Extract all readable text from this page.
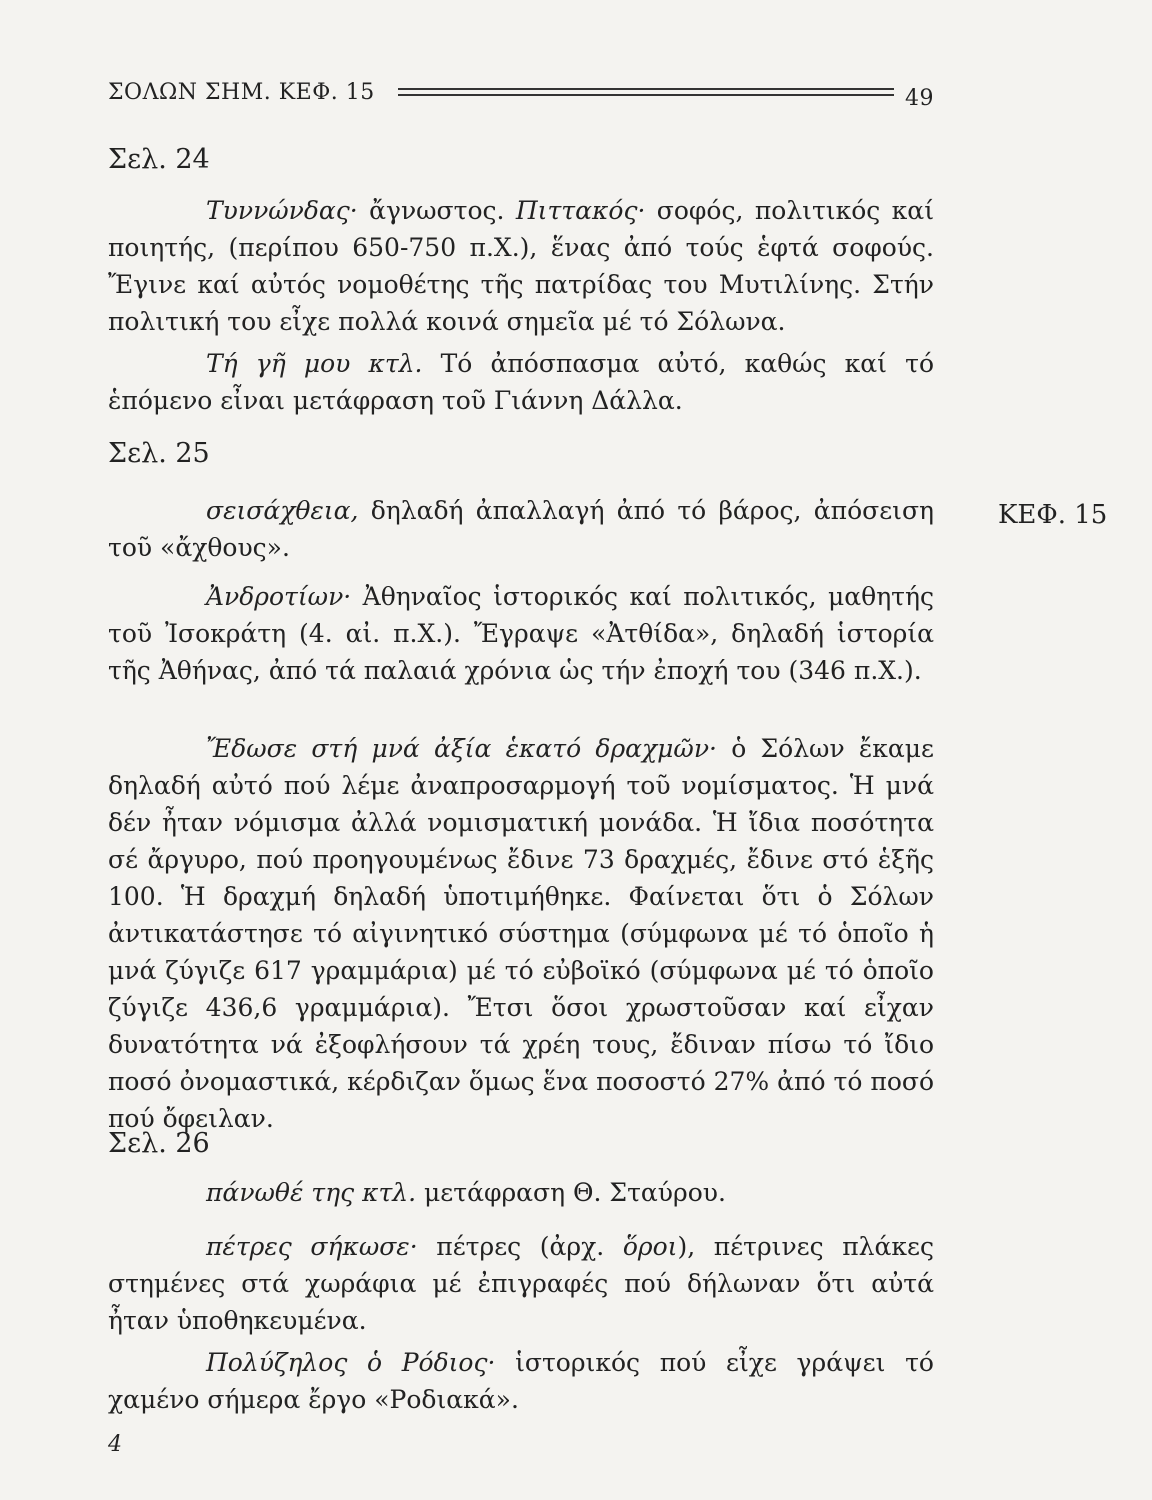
ΣΟΛΩΝ ΣΗΜ. ΚΕΦ. 15	49
Σελ. 24
Τυννώνδας· ἄγνωστος. Πιττακός· σοφός, πολιτικός καί ποιητής, (περίπου 650-750 π.Χ.), ἕνας ἀπό τούς ἑφτά σοφούς. Ἔγινε καί αὐτός νομοθέτης τῆς πατρίδας του Μυτιλίνης. Στήν πολιτική του εἶχε πολλά κοινά σημεῖα μέ τό Σόλωνα.
Τή γῆ μου κτλ. Τό ἀπόσπασμα αὐτό, καθώς καί τό ἑπόμενο εἶναι μετάφραση τοῦ Γιάννη Δάλλα.
Σελ. 25
σεισάχθεια, δηλαδή ἀπαλλαγή ἀπό τό βάρος, ἀπόσειση τοῦ «ἄχθους».
Ἀνδροτίων· Ἀθηναῖος ἱστορικός καί πολιτικός, μαθητής τοῦ Ἰσοκράτη (4. αἰ. π.Χ.). Ἔγραψε «Ἀτθίδα», δηλαδή ἱστορία τῆς Ἀθήνας, ἀπό τά παλαιά χρόνια ὡς τήν ἐποχή του (346 π.Χ.).
Ἔδωσε στή μνά ἀξία ἑκατό δραχμῶν· ὁ Σόλων ἔκαμε δηλαδή αὐτό πού λέμε ἀναπροσαρμογή τοῦ νομίσματος. Ἡ μνά δέν ἦταν νόμισμα ἀλλά νομισματική μονάδα. Ἡ ἴδια ποσότητα σέ ἄργυρο, πού προηγουμένως ἔδινε 73 δραχμές, ἔδινε στό ἑξῆς 100. Ἡ δραχμή δηλαδή ὑποτιμήθηκε. Φαίνεται ὅτι ὁ Σόλων ἀντικατάστησε τό αἰγινητικό σύστημα (σύμφωνα μέ τό ὁποῖο ἡ μνά ζύγιζε 617 γραμμάρια) μέ τό εὐβοϊκό (σύμφωνα μέ τό ὁποῖο ζύγιζε 436,6 γραμμάρια). Ἔτσι ὅσοι χρωστοῦσαν καί εἶχαν δυνατότητα νά ἐξοφλήσουν τά χρέη τους, ἔδιναν πίσω τό ἴδιο ποσό ὀνομαστικά, κέρδιζαν ὅμως ἕνα ποσοστό 27% ἀπό τό ποσό πού ὄφειλαν.
Σελ. 26
πάνωθέ της κτλ. μετάφραση Θ. Σταύρου.
πέτρες σήκωσε· πέτρες (ἀρχ. ὅροι), πέτρινες πλάκες στημένες στά χωράφια μέ ἐπιγραφές πού δήλωναν ὅτι αὐτά ἦταν ὑποθηκευμένα.
Πολύζηλος ὁ Ρόδιος· ἱστορικός πού εἶχε γράψει τό χαμένο σήμερα ἔργο «Ροδιακά».
ΚΕΦ. 15
4
